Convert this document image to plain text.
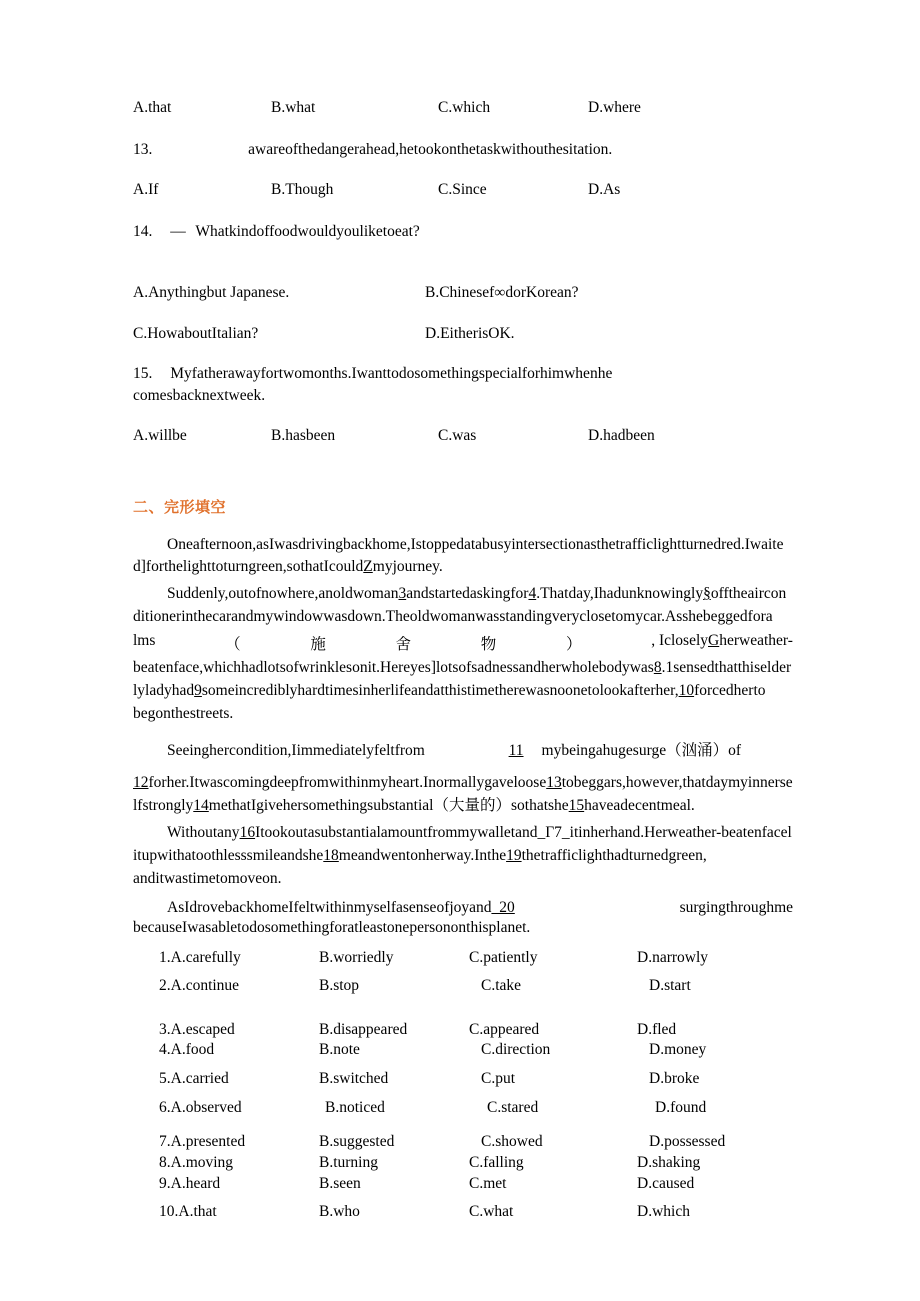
A.that	B.what	C.which	D.where
13.	awareofthedangerahead,hetookonthetaskwithouthesitation.
A.If	B.Though	C.Since	D.As
14. — Whatkindoffoodwouldyouliketoeat?
A.Anythingbut Japanese.	B.Chinesef∞dorKorean?
C.HowaboutItalian?	D.EitherisOK.
15. Myfatherawayfortwomonths.Iwanttodosomethingspecialforhimwhenhe
comesbacknextweek.
A.willbe	B.hasbeen	C.was	D.hadbeen
二、完形填空
Oneafternoon,asIwasdrivingbackhome,Istoppedatabusyintersectionasthetrafficlightturnedred.Iwaited]forthelighttoturngreen,sothatIcouldZmyjourney.
Suddenly,outofnowhere,anoldwoman3andstartedaskingfor4.Thatday,Ihadunknowingly§offtheairconditionerinthecarandmywindowwasdown.Theoldwomanwasstandingveryclosetomycar.Asshebeggedfora
lms	（	施	舍	物	）	, IcloselyGherweather-
beatenface,whichhadlotsofwrinklesonit.Hereyes]lotsofsadnessandherwholebodywas8.1sensedthatthiselderlyladyhad9someincrediblyhardtimesinherlifeandatthistimetherewasnoonetolookafterher,10forcedherto
begonthestreets.
Seeinghercondition,Iimmediatelyfeltfrom	11 mybeingahugesurge（汹涌）of
12forher.Itwascomingdeepfromwithinmyheart.Inormallygaveloose13tobeggars,however,thatdaymyinnerselfstrongly14methatIgivehersomethingsubstantial（大量的）sothatshe15haveadecentmeal.
Withoutany16Itookoutasubstantialamountfrommywalletand_Γ7_itinherhand.Herweather-beatenfacelitupwithatoothlesssmileandshe18meandwentonherway.Inthe19thetrafficlighthadturnedgreen,
anditwastimetomoveon.
AsIdrovebackhomeIfeltwithinmyselfasenseofjoyand_20	surgingthroughme
becauseIwasabletodosomethingforatleastonepersononthisplanet.
1.A.carefully	B.worriedly	C.patiently	D.narrowly
2.A.continue	B.stop	C.take	D.start
3.A.escaped	B.disappeared	C.appeared	D.fled
4.A.food	B.note	C.direction	D.money
5.A.carried	B.switched	C.put	D.broke
6.A.observed	B.noticed	C.stared	D.found
7.A.presented	B.suggested	C.showed	D.possessed
8.A.moving	B.turning	C.falling	D.shaking
9.A.heard	B.seen	C.met	D.caused
10.A.that	B.who	C.what	D.which
